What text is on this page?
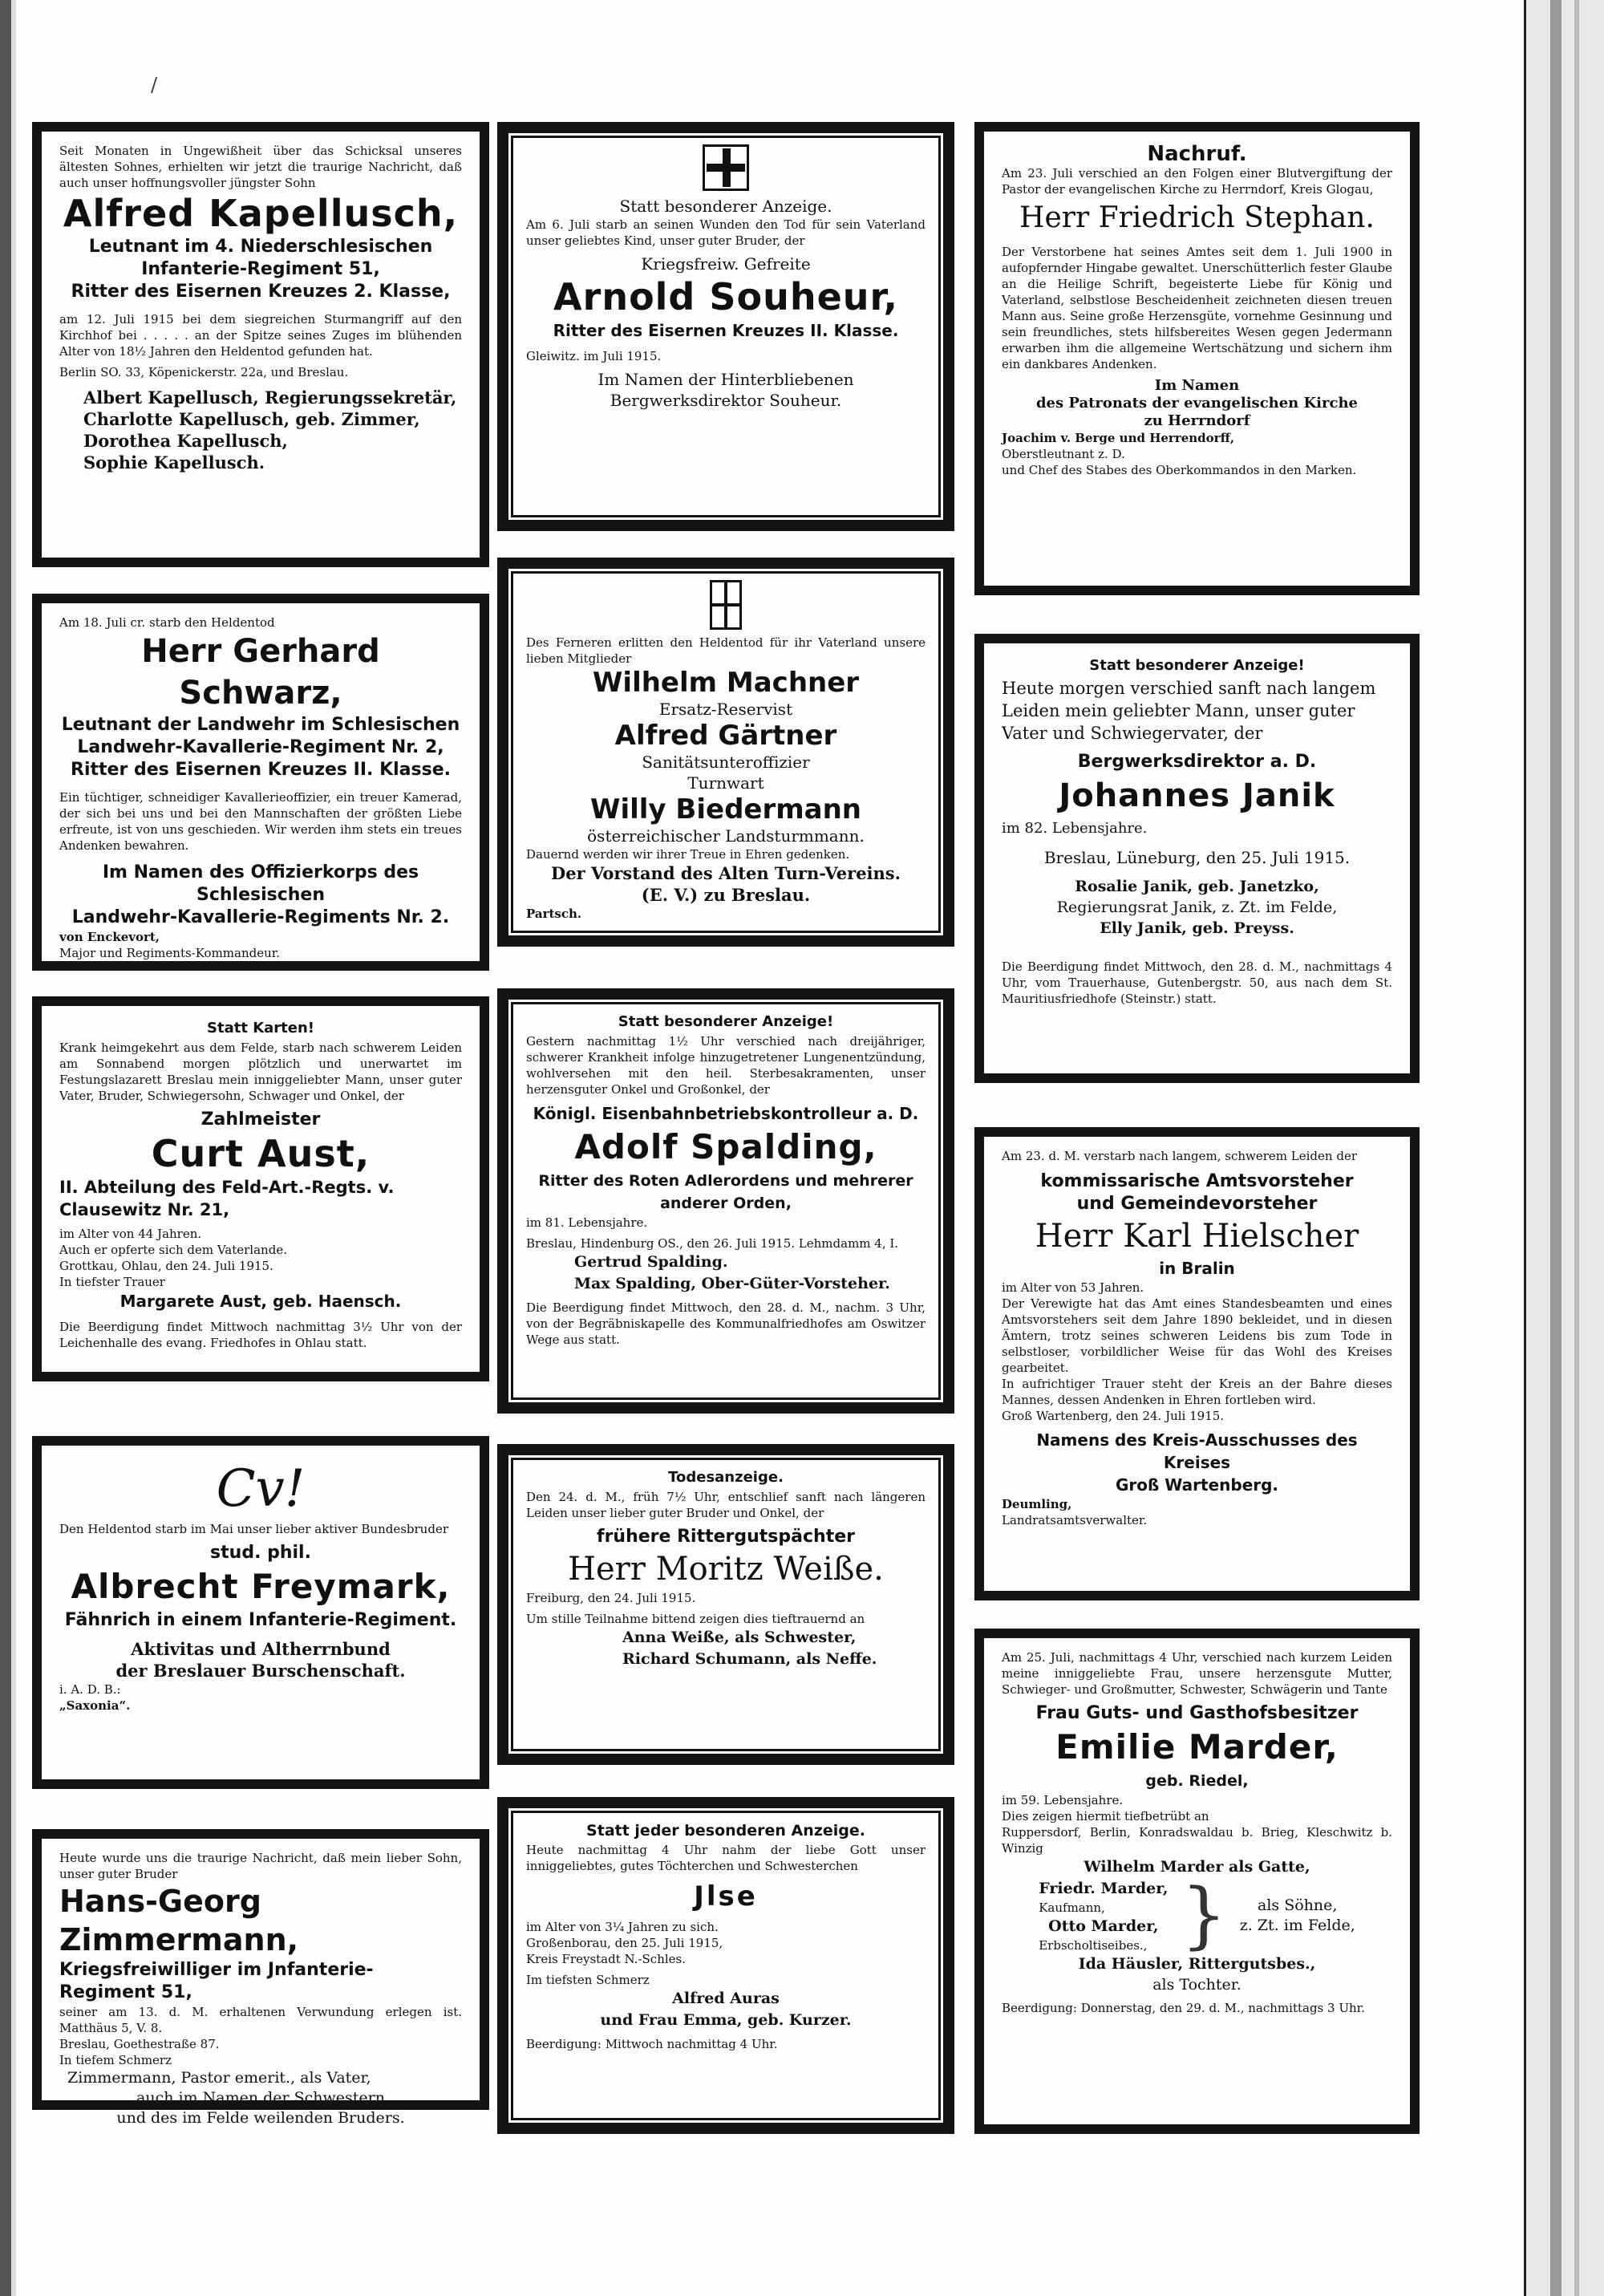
/
Seit Monaten in Ungewißheit über das Schicksal unseres ältesten Sohnes, erhielten wir jetzt die traurige Nachricht, daß auch unser hoffnungsvoller jüngster Sohn
Alfred Kapellusch,
Leutnant im 4. Niederschlesischen Infanterie-Regiment 51,
Ritter des Eisernen Kreuzes 2. Klasse,
am 12. Juli 1915 bei dem siegreichen Sturmangriff auf den Kirchhof bei . . . . . an der Spitze seines Zuges im blühenden Alter von 18½ Jahren den Heldentod gefunden hat.
Berlin SO. 33, Köpenickerstr. 22a, und Breslau.
Albert Kapellusch, Regierungssekretär,
Charlotte Kapellusch, geb. Zimmer,
Dorothea Kapellusch,
Sophie Kapellusch.
Am 18. Juli cr. starb den Heldentod
Herr Gerhard Schwarz,
Leutnant der Landwehr im Schlesischen
Landwehr-Kavallerie-Regiment Nr. 2,
Ritter des Eisernen Kreuzes II. Klasse.
Ein tüchtiger, schneidiger Kavallerieoffizier, ein treuer Kamerad, der sich bei uns und bei den Mannschaften der größten Liebe erfreute, ist von uns geschieden. Wir werden ihm stets ein treues Andenken bewahren.
Im Namen des Offizierkorps des Schlesischen
Landwehr-Kavallerie-Regiments Nr. 2.
von Enckevort,
Major und Regiments-Kommandeur.
Statt Karten!
Krank heimgekehrt aus dem Felde, starb nach schwerem Leiden am Sonnabend morgen plötzlich und unerwartet im Festungslazarett Breslau mein inniggeliebter Mann, unser guter Vater, Bruder, Schwiegersohn, Schwager und Onkel, der
Zahlmeister
Curt Aust,
II. Abteilung des Feld-Art.-Regts. v. Clausewitz Nr. 21,
im Alter von 44 Jahren.
Auch er opferte sich dem Vaterlande.
Grottkau, Ohlau, den 24. Juli 1915.
In tiefster Trauer
Margarete Aust, geb. Haensch.
Die Beerdigung findet Mittwoch nachmittag 3½ Uhr von der Leichenhalle des evang. Friedhofes in Ohlau statt.
Cv!
Den Heldentod starb im Mai unser lieber aktiver Bundesbruder
stud. phil.
Albrecht Freymark,
Fähnrich in einem Infanterie-Regiment.
Aktivitas und Altherrnbund
der Breslauer Burschenschaft.
i. A. D. B.:
„Saxonia“.
Heute wurde uns die traurige Nachricht, daß mein lieber Sohn, unser guter Bruder
Hans-Georg Zimmermann,
Kriegsfreiwilliger im Jnfanterie-Regiment 51,
seiner am 13. d. M. erhaltenen Verwundung erlegen ist. Matthäus 5, V. 8.
Breslau, Goethestraße 87.
In tiefem Schmerz
Zimmermann, Pastor emerit., als Vater,
auch im Namen der Schwestern
und des im Felde weilenden Bruders.
Statt besonderer Anzeige.
Am 6. Juli starb an seinen Wunden den Tod für sein Vaterland unser geliebtes Kind, unser guter Bruder, der
Kriegsfreiw. Gefreite
Arnold Souheur,
Ritter des Eisernen Kreuzes II. Klasse.
Gleiwitz. im Juli 1915.
Im Namen der Hinterbliebenen
Bergwerksdirektor Souheur.
Des Ferneren erlitten den Heldentod für ihr Vaterland unsere lieben Mitglieder
Wilhelm Machner
Ersatz-Reservist
Alfred Gärtner
Sanitätsunteroffizier
Turnwart
Willy Biedermann
österreichischer Landsturmmann.
Dauernd werden wir ihrer Treue in Ehren gedenken.
Der Vorstand des Alten Turn-Vereins.
(E. V.) zu Breslau.
Partsch.
Statt besonderer Anzeige!
Gestern nachmittag 1½ Uhr verschied nach dreijähriger, schwerer Krankheit infolge hinzugetretener Lungenentzündung, wohlversehen mit den heil. Sterbesakramenten, unser herzensguter Onkel und Großonkel, der
Königl. Eisenbahnbetriebskontrolleur a. D.
Adolf Spalding,
Ritter des Roten Adlerordens und mehrerer
anderer Orden,
im 81. Lebensjahre.
Breslau, Hindenburg OS., den 26. Juli 1915. Lehmdamm 4, I.
Gertrud Spalding.
Max Spalding, Ober-Güter-Vorsteher.
Die Beerdigung findet Mittwoch, den 28. d. M., nachm. 3 Uhr, von der Begräbniskapelle des Kommunalfriedhofes am Oswitzer Wege aus statt.
Todesanzeige.
Den 24. d. M., früh 7½ Uhr, entschlief sanft nach längeren Leiden unser lieber guter Bruder und Onkel, der
frühere Rittergutspächter
Herr Moritz Weiße.
Freiburg, den 24. Juli 1915.
Um stille Teilnahme bittend zeigen dies tieftrauernd an
Anna Weiße, als Schwester,
Richard Schumann, als Neffe.
Statt jeder besonderen Anzeige.
Heute nachmittag 4 Uhr nahm der liebe Gott unser inniggeliebtes, gutes Töchterchen und Schwesterchen
Jlse
im Alter von 3¼ Jahren zu sich.
Großenborau, den 25. Juli 1915,
Kreis Freystadt N.-Schles.
Im tiefsten Schmerz
Alfred Auras
und Frau Emma, geb. Kurzer.
Beerdigung: Mittwoch nachmittag 4 Uhr.
Nachruf.
Am 23. Juli verschied an den Folgen einer Blutvergiftung der Pastor der evangelischen Kirche zu Herrndorf, Kreis Glogau,
Herr Friedrich Stephan.
Der Verstorbene hat seines Amtes seit dem 1. Juli 1900 in aufopfernder Hingabe gewaltet. Unerschütterlich fester Glaube an die Heilige Schrift, begeisterte Liebe für König und Vaterland, selbstlose Bescheidenheit zeichneten diesen treuen Mann aus. Seine große Herzensgüte, vornehme Gesinnung und sein freundliches, stets hilfsbereites Wesen gegen Jedermann erwarben ihm die allgemeine Wertschätzung und sichern ihm ein dankbares Andenken.
Im Namen
des Patronats der evangelischen Kirche
zu Herrndorf
Joachim v. Berge und Herrendorff,
Oberstleutnant z. D.
und Chef des Stabes des Oberkommandos in den Marken.
Statt besonderer Anzeige!
Heute morgen verschied sanft nach langem Leiden mein geliebter Mann, unser guter Vater und Schwiegervater, der
Bergwerksdirektor a. D.
Johannes Janik
im 82. Lebensjahre.
Breslau, Lüneburg, den 25. Juli 1915.
Rosalie Janik, geb. Janetzko,
Regierungsrat Janik, z. Zt. im Felde,
Elly Janik, geb. Preyss.
Die Beerdigung findet Mittwoch, den 28. d. M., nachmittags 4 Uhr, vom Trauerhause, Gutenbergstr. 50, aus nach dem St. Mauritiusfriedhofe (Steinstr.) statt.
Am 23. d. M. verstarb nach langem, schwerem Leiden der
kommissarische Amtsvorsteher
und Gemeindevorsteher
Herr Karl Hielscher
in Bralin
im Alter von 53 Jahren.
Der Verewigte hat das Amt eines Standesbeamten und eines Amtsvorstehers seit dem Jahre 1890 bekleidet, und in diesen Ämtern, trotz seines schweren Leidens bis zum Tode in selbstloser, vorbildlicher Weise für das Wohl des Kreises gearbeitet.
In aufrichtiger Trauer steht der Kreis an der Bahre dieses Mannes, dessen Andenken in Ehren fortleben wird.
Groß Wartenberg, den 24. Juli 1915.
Namens des Kreis-Ausschusses des Kreises
Groß Wartenberg.
Deumling,
Landratsamtsverwalter.
Am 25. Juli, nachmittags 4 Uhr, verschied nach kurzem Leiden meine inniggeliebte Frau, unsere herzensgute Mutter, Schwieger- und Großmutter, Schwester, Schwägerin und Tante
Frau Guts- und Gasthofsbesitzer
Emilie Marder,
geb. Riedel,
im 59. Lebensjahre.
Dies zeigen hiermit tiefbetrübt an
Ruppersdorf, Berlin, Konradswaldau b. Brieg, Kleschwitz b. Winzig
Wilhelm Marder als Gatte,
Friedr. Marder,
Kaufmann,
Otto Marder,
Erbscholtiseibes., }	als Söhne,
z. Zt. im Felde,
Ida Häusler, Rittergutsbes.,
als Tochter.
Beerdigung: Donnerstag, den 29. d. M., nachmittags 3 Uhr.
